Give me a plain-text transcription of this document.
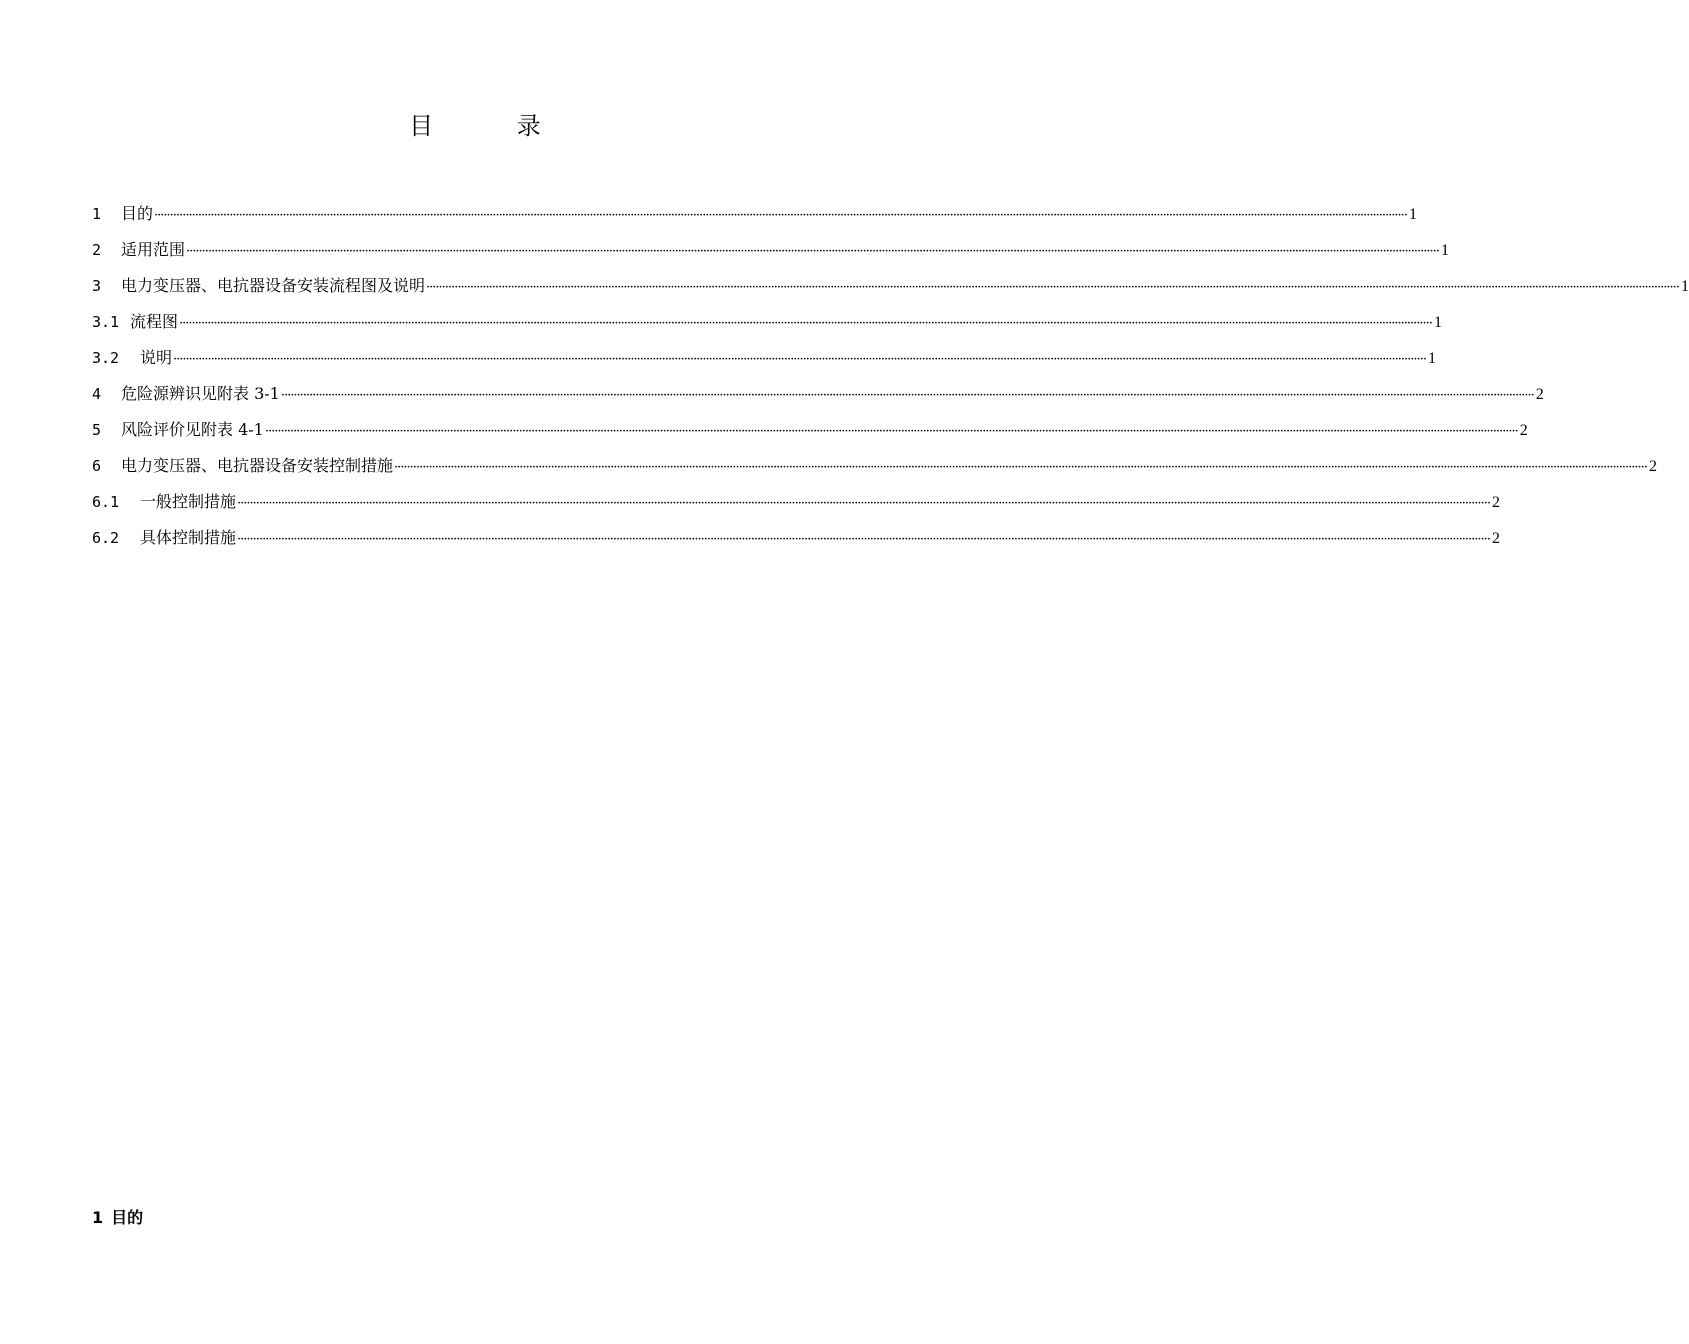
目 录
1	目的 ················································································································································································································································································································································································································ 1
2	适用范围 ················································································································································································································································································································································································································ 1
3	电力变压器、电抗器设备安装流程图及说明 ················································································································································································································································································································································································································ 1
3.1 流程图 ················································································································································································································································································································································································································ 1
3.2	说明 ················································································································································································································································································································································································································ 1
4	危险源辨识见附表 3-1 ················································································································································································································································································································································································································ 2
5	风险评价见附表 4-1 ················································································································································································································································································································································································································ 2
6	电力变压器、电抗器设备安装控制措施 ················································································································································································································································································································································································································ 2
6.1	一般控制措施 ················································································································································································································································································································································································································ 2
6.2	具体控制措施 ················································································································································································································································································································································································································ 2
1 目的
